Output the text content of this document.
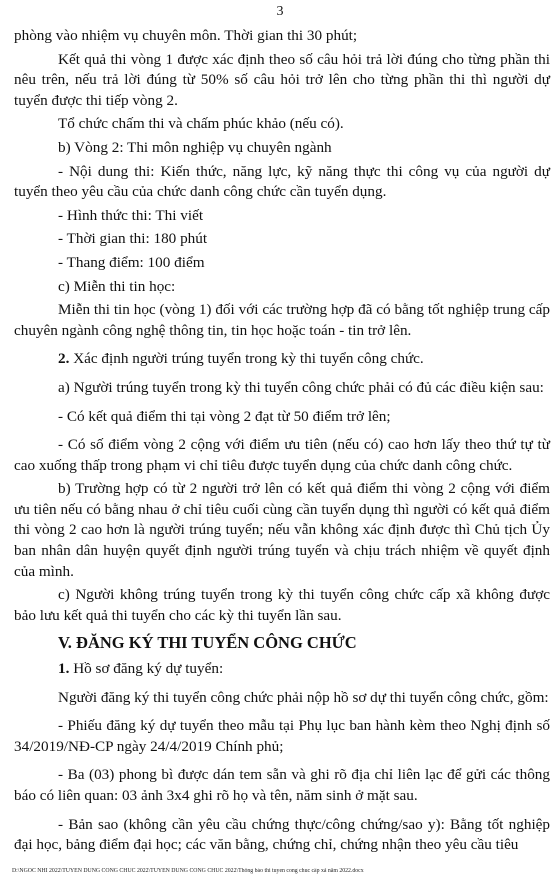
3

phòng vào nhiệm vụ chuyên môn. Thời gian thi 30 phút;

Kết quả thi vòng 1 được xác định theo số câu hỏi trả lời đúng cho từng phần thi nêu trên, nếu trả lời đúng từ 50% số câu hỏi trở lên cho từng phần thi thì người dự tuyển được thi tiếp vòng 2.

Tổ chức chấm thi và chấm phúc khảo (nếu có).

b) Vòng 2: Thi môn nghiệp vụ chuyên ngành

- Nội dung thi: Kiến thức, năng lực, kỹ năng thực thi công vụ của người dự tuyển theo yêu cầu của chức danh công chức cần tuyển dụng.

- Hình thức thi: Thi viết

- Thời gian thi: 180 phút

- Thang điểm: 100 điểm

c) Miễn thi tin học:

Miễn thi tin học (vòng 1) đối với các trường hợp đã có bằng tốt nghiệp trung cấp chuyên ngành công nghệ thông tin, tin học hoặc toán - tin trở lên.

2. Xác định người trúng tuyển trong kỳ thi tuyển công chức.

a) Người trúng tuyển trong kỳ thi tuyển công chức phải có đủ các điều kiện sau:

- Có kết quả điểm thi tại vòng 2 đạt từ 50 điểm trở lên;

- Có số điểm vòng 2 cộng với điểm ưu tiên (nếu có) cao hơn lấy theo thứ tự từ cao xuống thấp trong phạm vi chỉ tiêu được tuyển dụng của chức danh công chức.

b) Trường hợp có từ 2 người trở lên có kết quả điểm thi vòng 2 cộng với điểm ưu tiên nếu có bằng nhau ở chỉ tiêu cuối cùng cần tuyển dụng thì người có kết quả điểm thi vòng 2 cao hơn là người trúng tuyển; nếu vẫn không xác định được thì Chủ tịch Ủy ban nhân dân huyện quyết định người trúng tuyển và chịu trách nhiệm về quyết định của mình.

c) Người không trúng tuyển trong kỳ thi tuyển công chức cấp xã không được bảo lưu kết quả thi tuyển cho các kỳ thi tuyển lần sau.

V. ĐĂNG KÝ THI TUYỂN CÔNG CHỨC

1. Hồ sơ đăng ký dự tuyển:

Người đăng ký thi tuyển công chức phải nộp hồ sơ dự thi tuyển công chức, gồm:

- Phiếu đăng ký dự tuyển theo mẫu tại Phụ lục ban hành kèm theo Nghị định số 34/2019/NĐ-CP ngày 24/4/2019 Chính phủ;

- Ba (03) phong bì được dán tem sẵn và ghi rõ địa chỉ liên lạc để gửi các thông báo có liên quan: 03 ảnh 3x4 ghi rõ họ và tên, năm sinh ở mặt sau.

- Bản sao (không cần yêu cầu chứng thực/công chứng/sao y): Bằng tốt nghiệp đại học, bảng điểm đại học; các văn bằng, chứng chỉ, chứng nhận theo yêu cầu tiêu

D:\NGOC NHI 2022\TUYEN DUNG CONG CHUC 2022\TUYEN DUNG CONG CHUC 2022\Thông báo thi tuyen cong chuc cấp xã năm 2022.docx
